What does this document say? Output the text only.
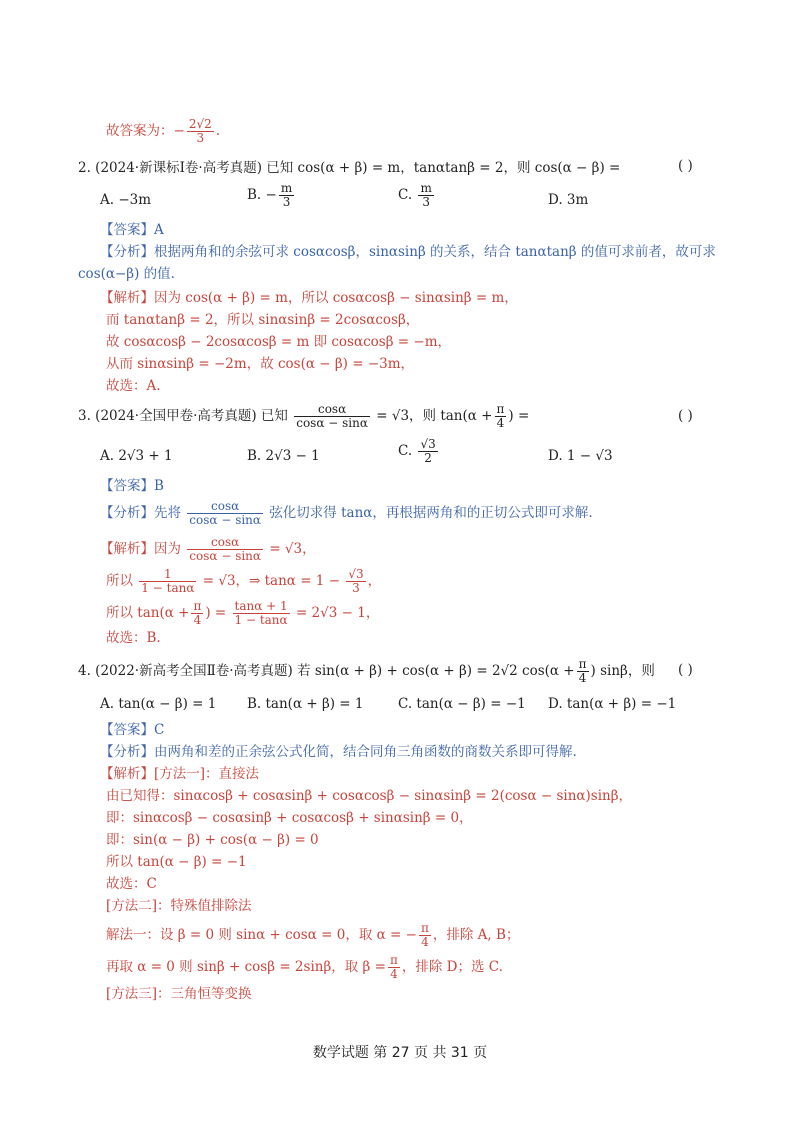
故答案为：− $\frac{2√2}{3}$ .
2. (2024·新课标Ⅰ卷·高考真题) 已知 cos(α + β) = m，tanαtanβ = 2，则 cos(α − β) =	( )
A. −3m	B. − $\frac{m}{3}$	C. $\frac{m}{3}$	D. 3m
【答案】A
【分析】根据两角和的余弦可求 cosαcosβ，sinαsinβ 的关系，结合 tanαtanβ 的值可求前者，故可求
cos(α−β) 的值.
【解析】因为 cos(α + β) = m，所以 cosαcosβ − sinαsinβ = m，
而 tanαtanβ = 2，所以 sinαsinβ = 2cosαcosβ，
故 cosαcosβ − 2cosαcosβ = m 即 cosαcosβ = −m，
从而 sinαsinβ = −2m，故 cos(α − β) = −3m，
故选：A.
3. (2024·全国甲卷·高考真题) 已知 $\frac{\cos\alpha}{\cos\alpha - \sin\alpha} = √3$，则 $\tan(\alpha + \frac{\pi}{4}$ ) =	( )
A. 2√3 + 1	B. 2√3 − 1	C. $\frac{√3}{2}$	D. 1 − √3
【答案】B
【分析】先将 $\frac{\cos\alpha}{\cos\alpha - \sin\alpha}$ 弦化切求得 tanα，再根据两角和的正切公式即可求解.
【解析】因为 $\frac{\cos\alpha}{\cos\alpha - \sin\alpha} = √3$，
所以 $\frac{1}{1 - \tan\alpha} = √3$，⇒ $\tan\alpha = 1 - \frac{√3}{3}$ ，
所以 $\tan(\alpha + \frac{\pi}{4}$ ) = $\frac{\tan\alpha + 1}{1 - \tan\alpha} = 2√3 - 1$，
故选：B.
4. (2022·新高考全国Ⅱ卷·高考真题) 若 sin(α + β) + cos(α + β) = 2√2 $\cos(\alpha + \frac{\pi}{4}$ ) sinβ，则 ( )
A. tan(α − β) = 1 B. tan(α + β) = 1	C. tan(α − β) = −1 D. tan(α + β) = −1
【答案】C
【分析】由两角和差的正余弦公式化简，结合同角三角函数的商数关系即可得解.
【解析】[方法一]：直接法
由已知得：sinαcosβ + cosαsinβ + cosαcosβ − sinαsinβ = 2(cosα − sinα)sinβ，
即：sinαcosβ − cosαsinβ + cosαcosβ + sinαsinβ = 0，
即：sin(α − β) + cos(α − β) = 0
所以 tan(α − β) = −1
故选：C
[方法二]：特殊值排除法
解法一：设 β = 0 则 sinα + cosα = 0，取 α = − $\frac{\pi}{4}$ ，排除 A, B；
再取 α = 0 则 sinβ + cosβ = 2sinβ，取 $\beta = \frac{\pi}{4}$ ，排除 D；选 C.
[方法三]：三角恒等变换
数学试题 第 27 页 共 31 页
